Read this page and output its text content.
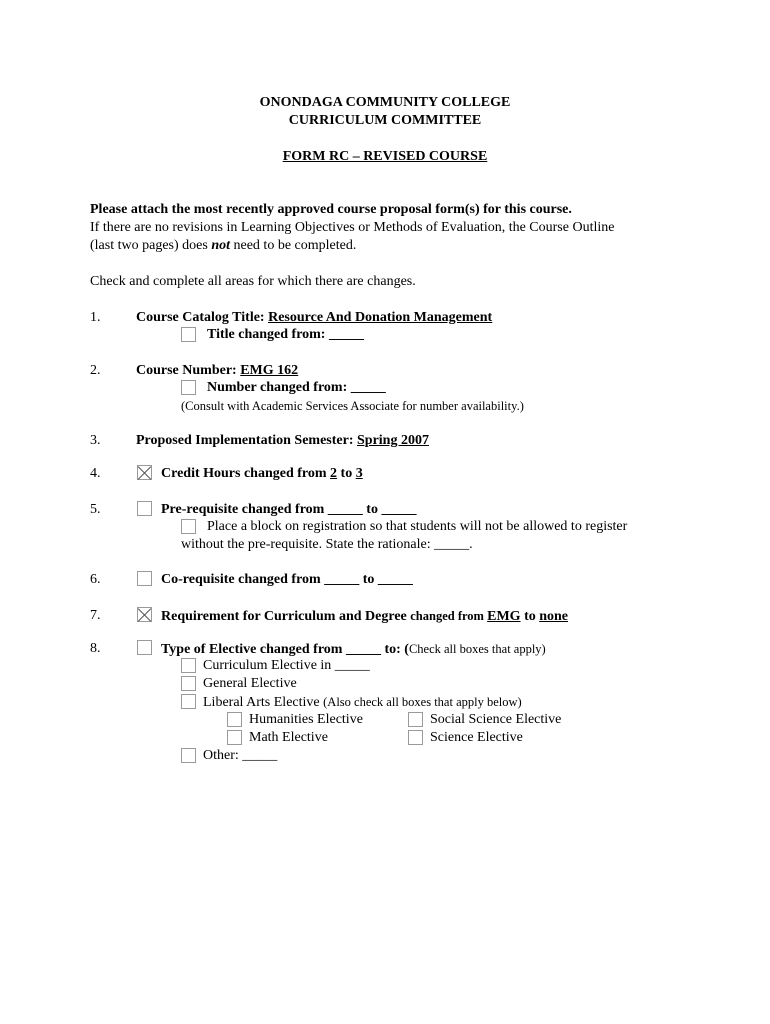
ONONDAGA COMMUNITY COLLEGE
CURRICULUM COMMITTEE
FORM RC – REVISED COURSE
Please attach the most recently approved course proposal form(s) for this course.
If there are no revisions in Learning Objectives or Methods of Evaluation, the Course Outline
(last two pages) does not need to be completed.
Check and complete all areas for which there are changes.
1.	Course Catalog Title: Resource And Donation Management
Title changed from: _____
2.	Course Number: EMG 162
Number changed from: _____
(Consult with Academic Services Associate for number availability.)
3.	Proposed Implementation Semester: Spring 2007
4.	Credit Hours changed from 2 to 3
5.	Pre-requisite changed from _____ to _____
Place a block on registration so that students will not be allowed to register
without the pre-requisite. State the rationale: _____.
6.	Co-requisite changed from _____ to _____
7.	Requirement for Curriculum and Degree changed from EMG to none
8.	Type of Elective changed from _____ to: (Check all boxes that apply)
Curriculum Elective in _____
General Elective
Liberal Arts Elective (Also check all boxes that apply below)
Humanities Elective	Social Science Elective
Math Elective	Science Elective
Other: _____
